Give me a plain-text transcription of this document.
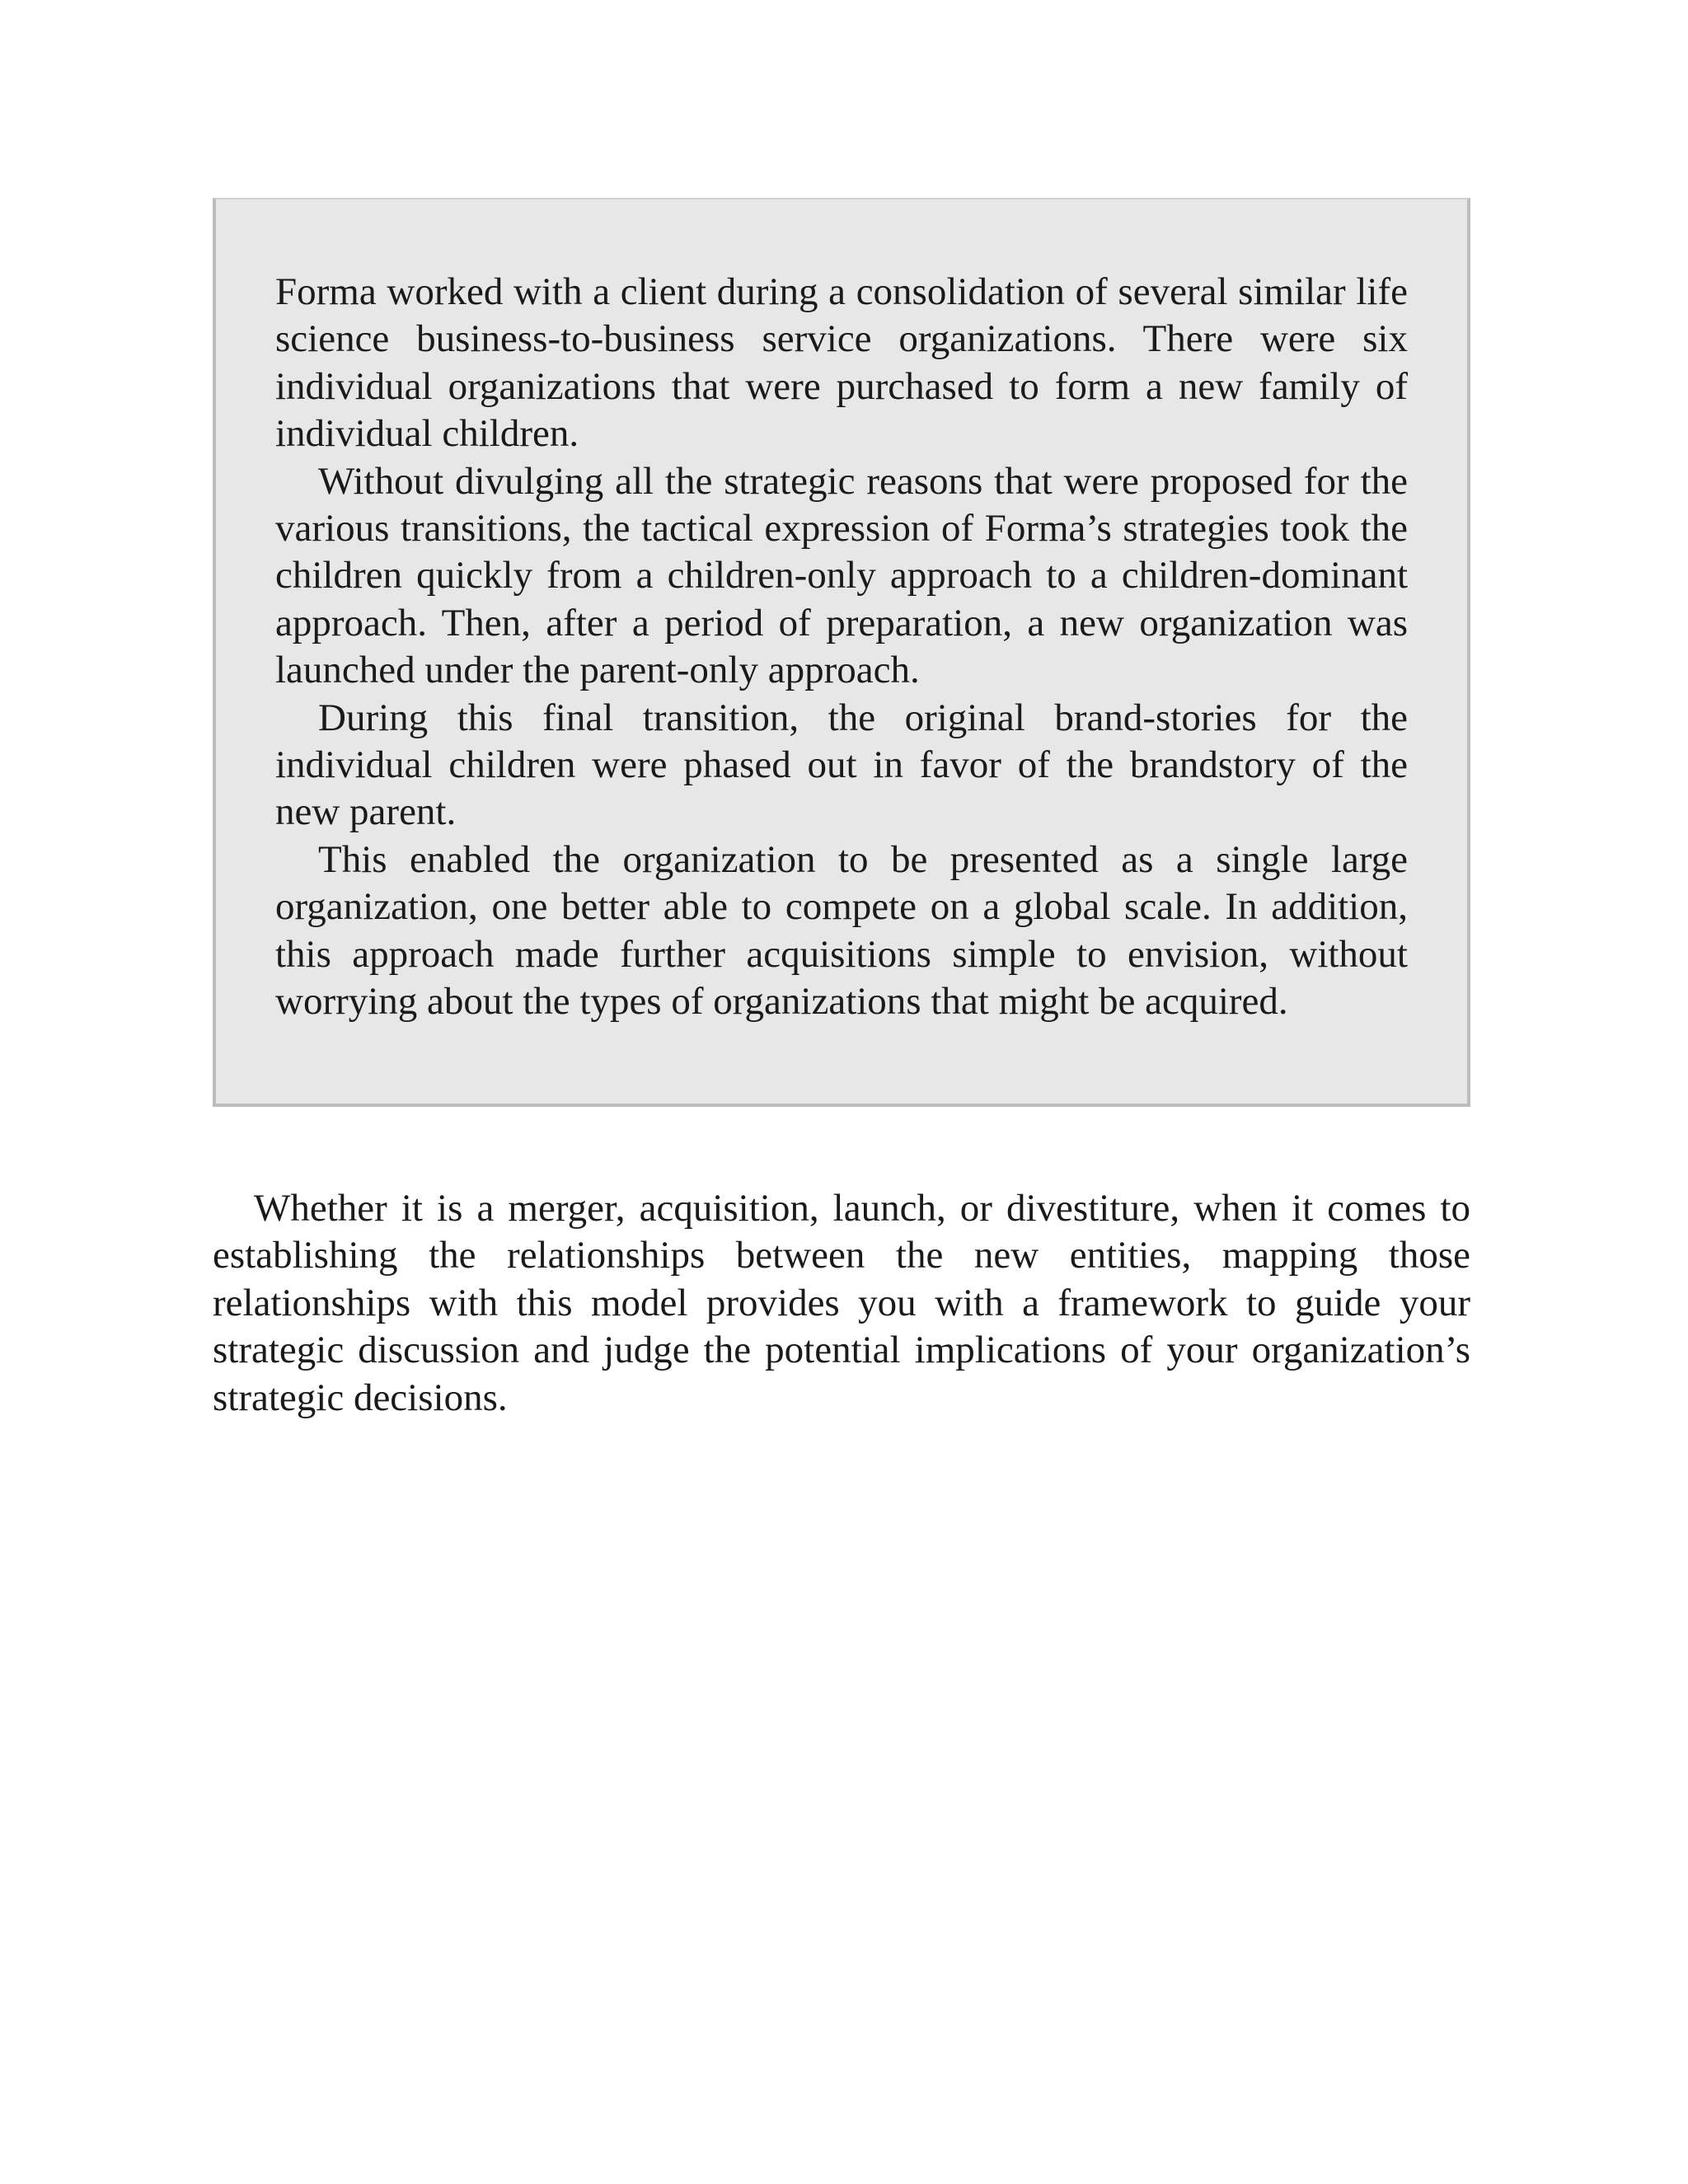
Forma worked with a client during a consolidation of several similar life science business-to-business service organizations. There were six individual organizations that were purchased to form a new family of individual children.

Without divulging all the strategic reasons that were proposed for the various transitions, the tactical expression of Forma’s strategies took the children quickly from a children-only approach to a children-dominant approach. Then, after a period of preparation, a new organization was launched under the parent-only approach.

During this final transition, the original brand-stories for the individual children were phased out in favor of the brandstory of the new parent.

This enabled the organization to be presented as a single large organization, one better able to compete on a global scale. In addition, this approach made further acquisitions simple to envision, without worrying about the types of organizations that might be acquired.

Whether it is a merger, acquisition, launch, or divestiture, when it comes to establishing the relationships between the new entities, mapping those relationships with this model provides you with a framework to guide your strategic discussion and judge the potential implications of your organization’s strategic decisions.
